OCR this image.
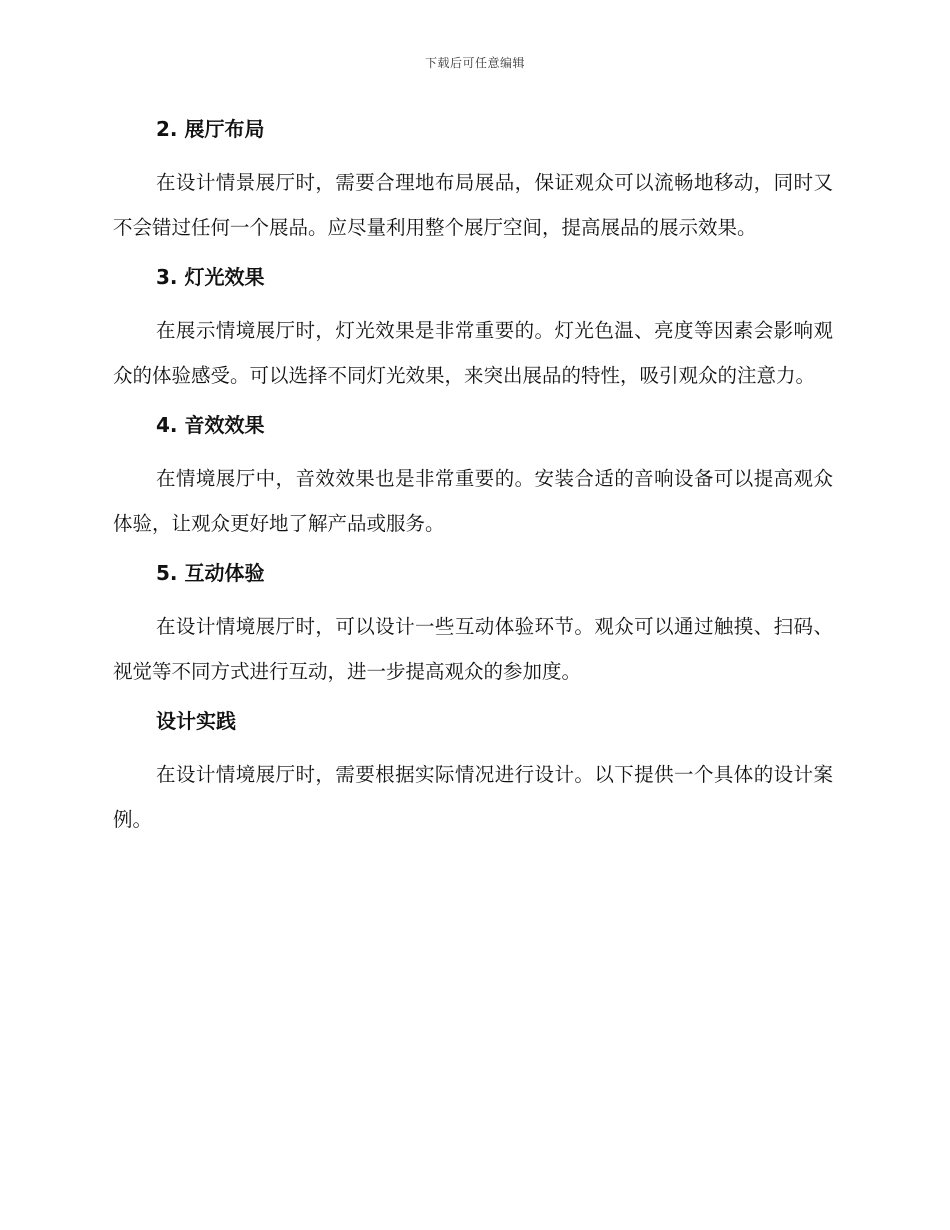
下载后可任意编辑
2. 展厅布局

在设计情景展厅时，需要合理地布局展品，保证观众可以流畅地移动，同时又不会错过任何一个展品。应尽量利用整个展厅空间，提高展品的展示效果。

3. 灯光效果

在展示情境展厅时，灯光效果是非常重要的。灯光色温、亮度等因素会影响观众的体验感受。可以选择不同灯光效果，来突出展品的特性，吸引观众的注意力。

4. 音效效果

在情境展厅中，音效效果也是非常重要的。安装合适的音响设备可以提高观众体验，让观众更好地了解产品或服务。

5. 互动体验

在设计情境展厅时，可以设计一些互动体验环节。观众可以通过触摸、扫码、视觉等不同方式进行互动，进一步提高观众的参加度。

设计实践

在设计情境展厅时，需要根据实际情况进行设计。以下提供一个具体的设计案例。
